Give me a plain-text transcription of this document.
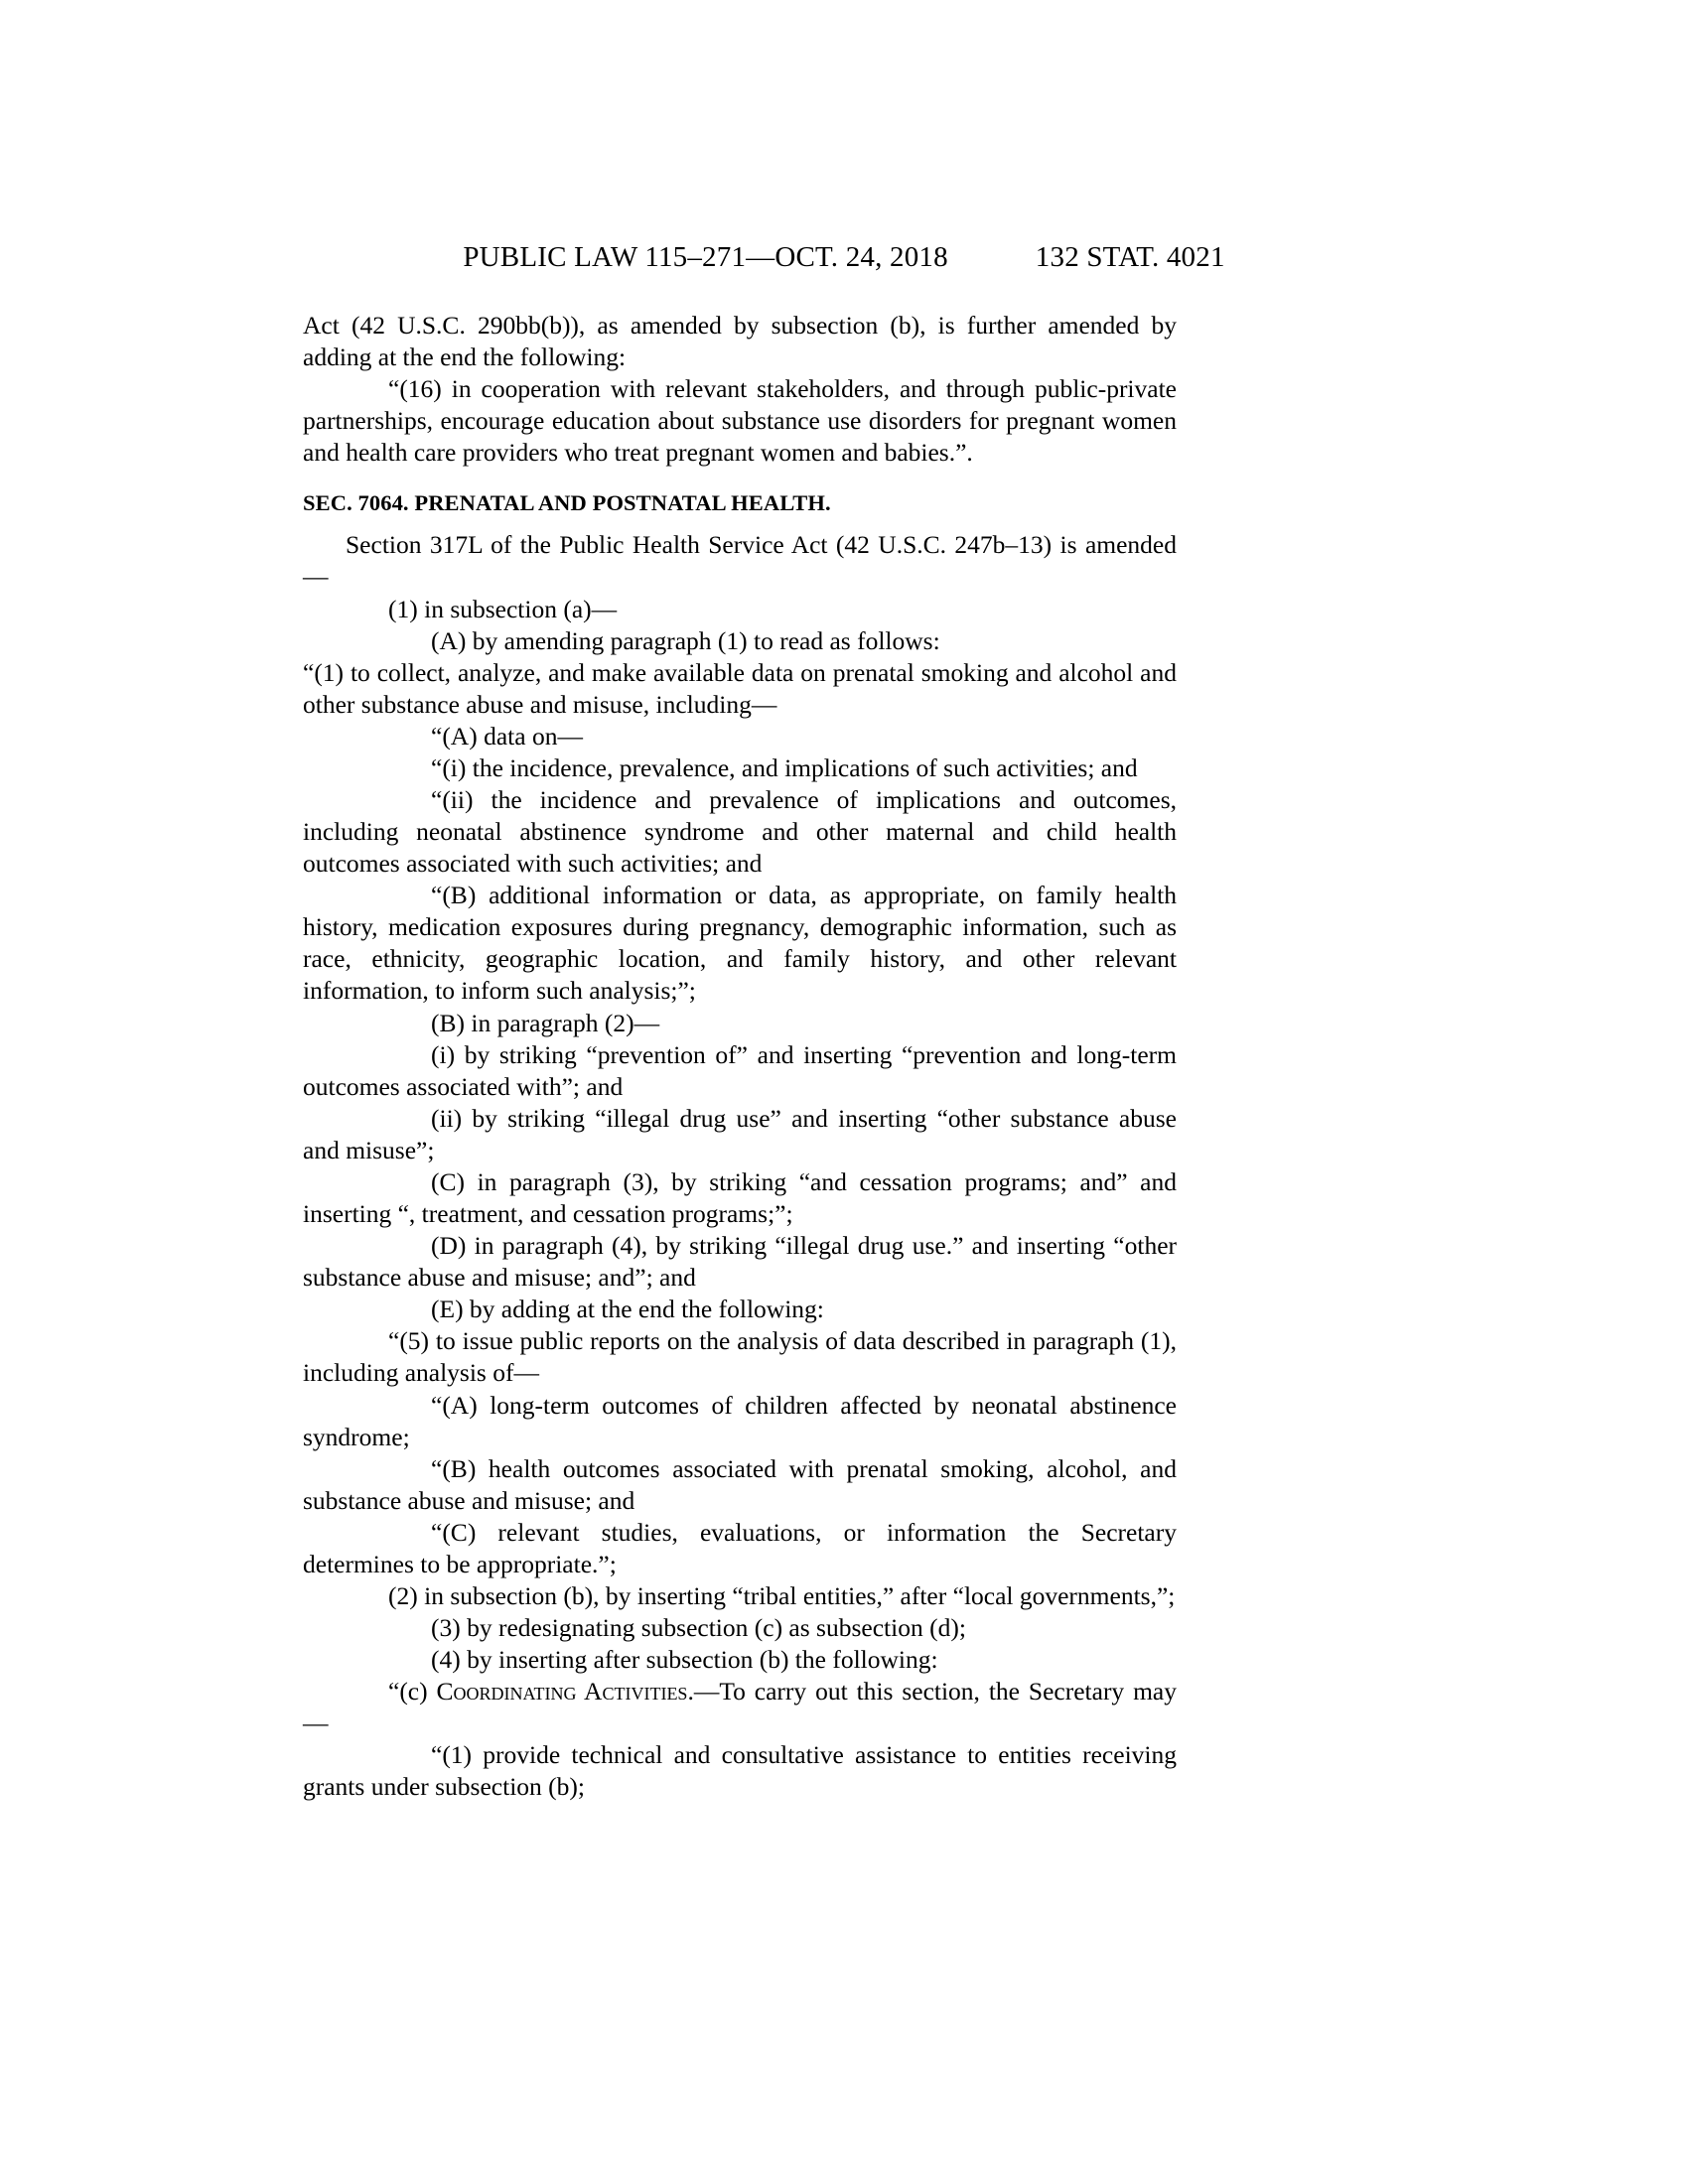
PUBLIC LAW 115–271—OCT. 24, 2018	132 STAT. 4021

Act (42 U.S.C. 290bb(b)), as amended by subsection (b), is further amended by adding at the end the following:

“(16) in cooperation with relevant stakeholders, and through public-private partnerships, encourage education about substance use disorders for pregnant women and health care providers who treat pregnant women and babies.”.

SEC. 7064. PRENATAL AND POSTNATAL HEALTH.

Section 317L of the Public Health Service Act (42 U.S.C. 247b–13) is amended—

(1) in subsection (a)—

(A) by amending paragraph (1) to read as follows:

“(1) to collect, analyze, and make available data on prenatal smoking and alcohol and other substance abuse and misuse, including—

“(A) data on—

“(i) the incidence, prevalence, and implications of such activities; and

“(ii) the incidence and prevalence of implications and outcomes, including neonatal abstinence syndrome and other maternal and child health outcomes associated with such activities; and

“(B) additional information or data, as appropriate, on family health history, medication exposures during pregnancy, demographic information, such as race, ethnicity, geographic location, and family history, and other relevant information, to inform such analysis;”;

(B) in paragraph (2)—

(i) by striking “prevention of” and inserting “prevention and long-term outcomes associated with”; and

(ii) by striking “illegal drug use” and inserting “other substance abuse and misuse”;

(C) in paragraph (3), by striking “and cessation programs; and” and inserting “, treatment, and cessation programs;”;

(D) in paragraph (4), by striking “illegal drug use.” and inserting “other substance abuse and misuse; and”; and

(E) by adding at the end the following:

“(5) to issue public reports on the analysis of data described in paragraph (1), including analysis of—

“(A) long-term outcomes of children affected by neonatal abstinence syndrome;

“(B) health outcomes associated with prenatal smoking, alcohol, and substance abuse and misuse; and

“(C) relevant studies, evaluations, or information the Secretary determines to be appropriate.”;

(2) in subsection (b), by inserting “tribal entities,” after “local governments,”;

(3) by redesignating subsection (c) as subsection (d);

(4) by inserting after subsection (b) the following:

“(c) Coordinating Activities.—To carry out this section, the Secretary may—

“(1) provide technical and consultative assistance to entities receiving grants under subsection (b);
